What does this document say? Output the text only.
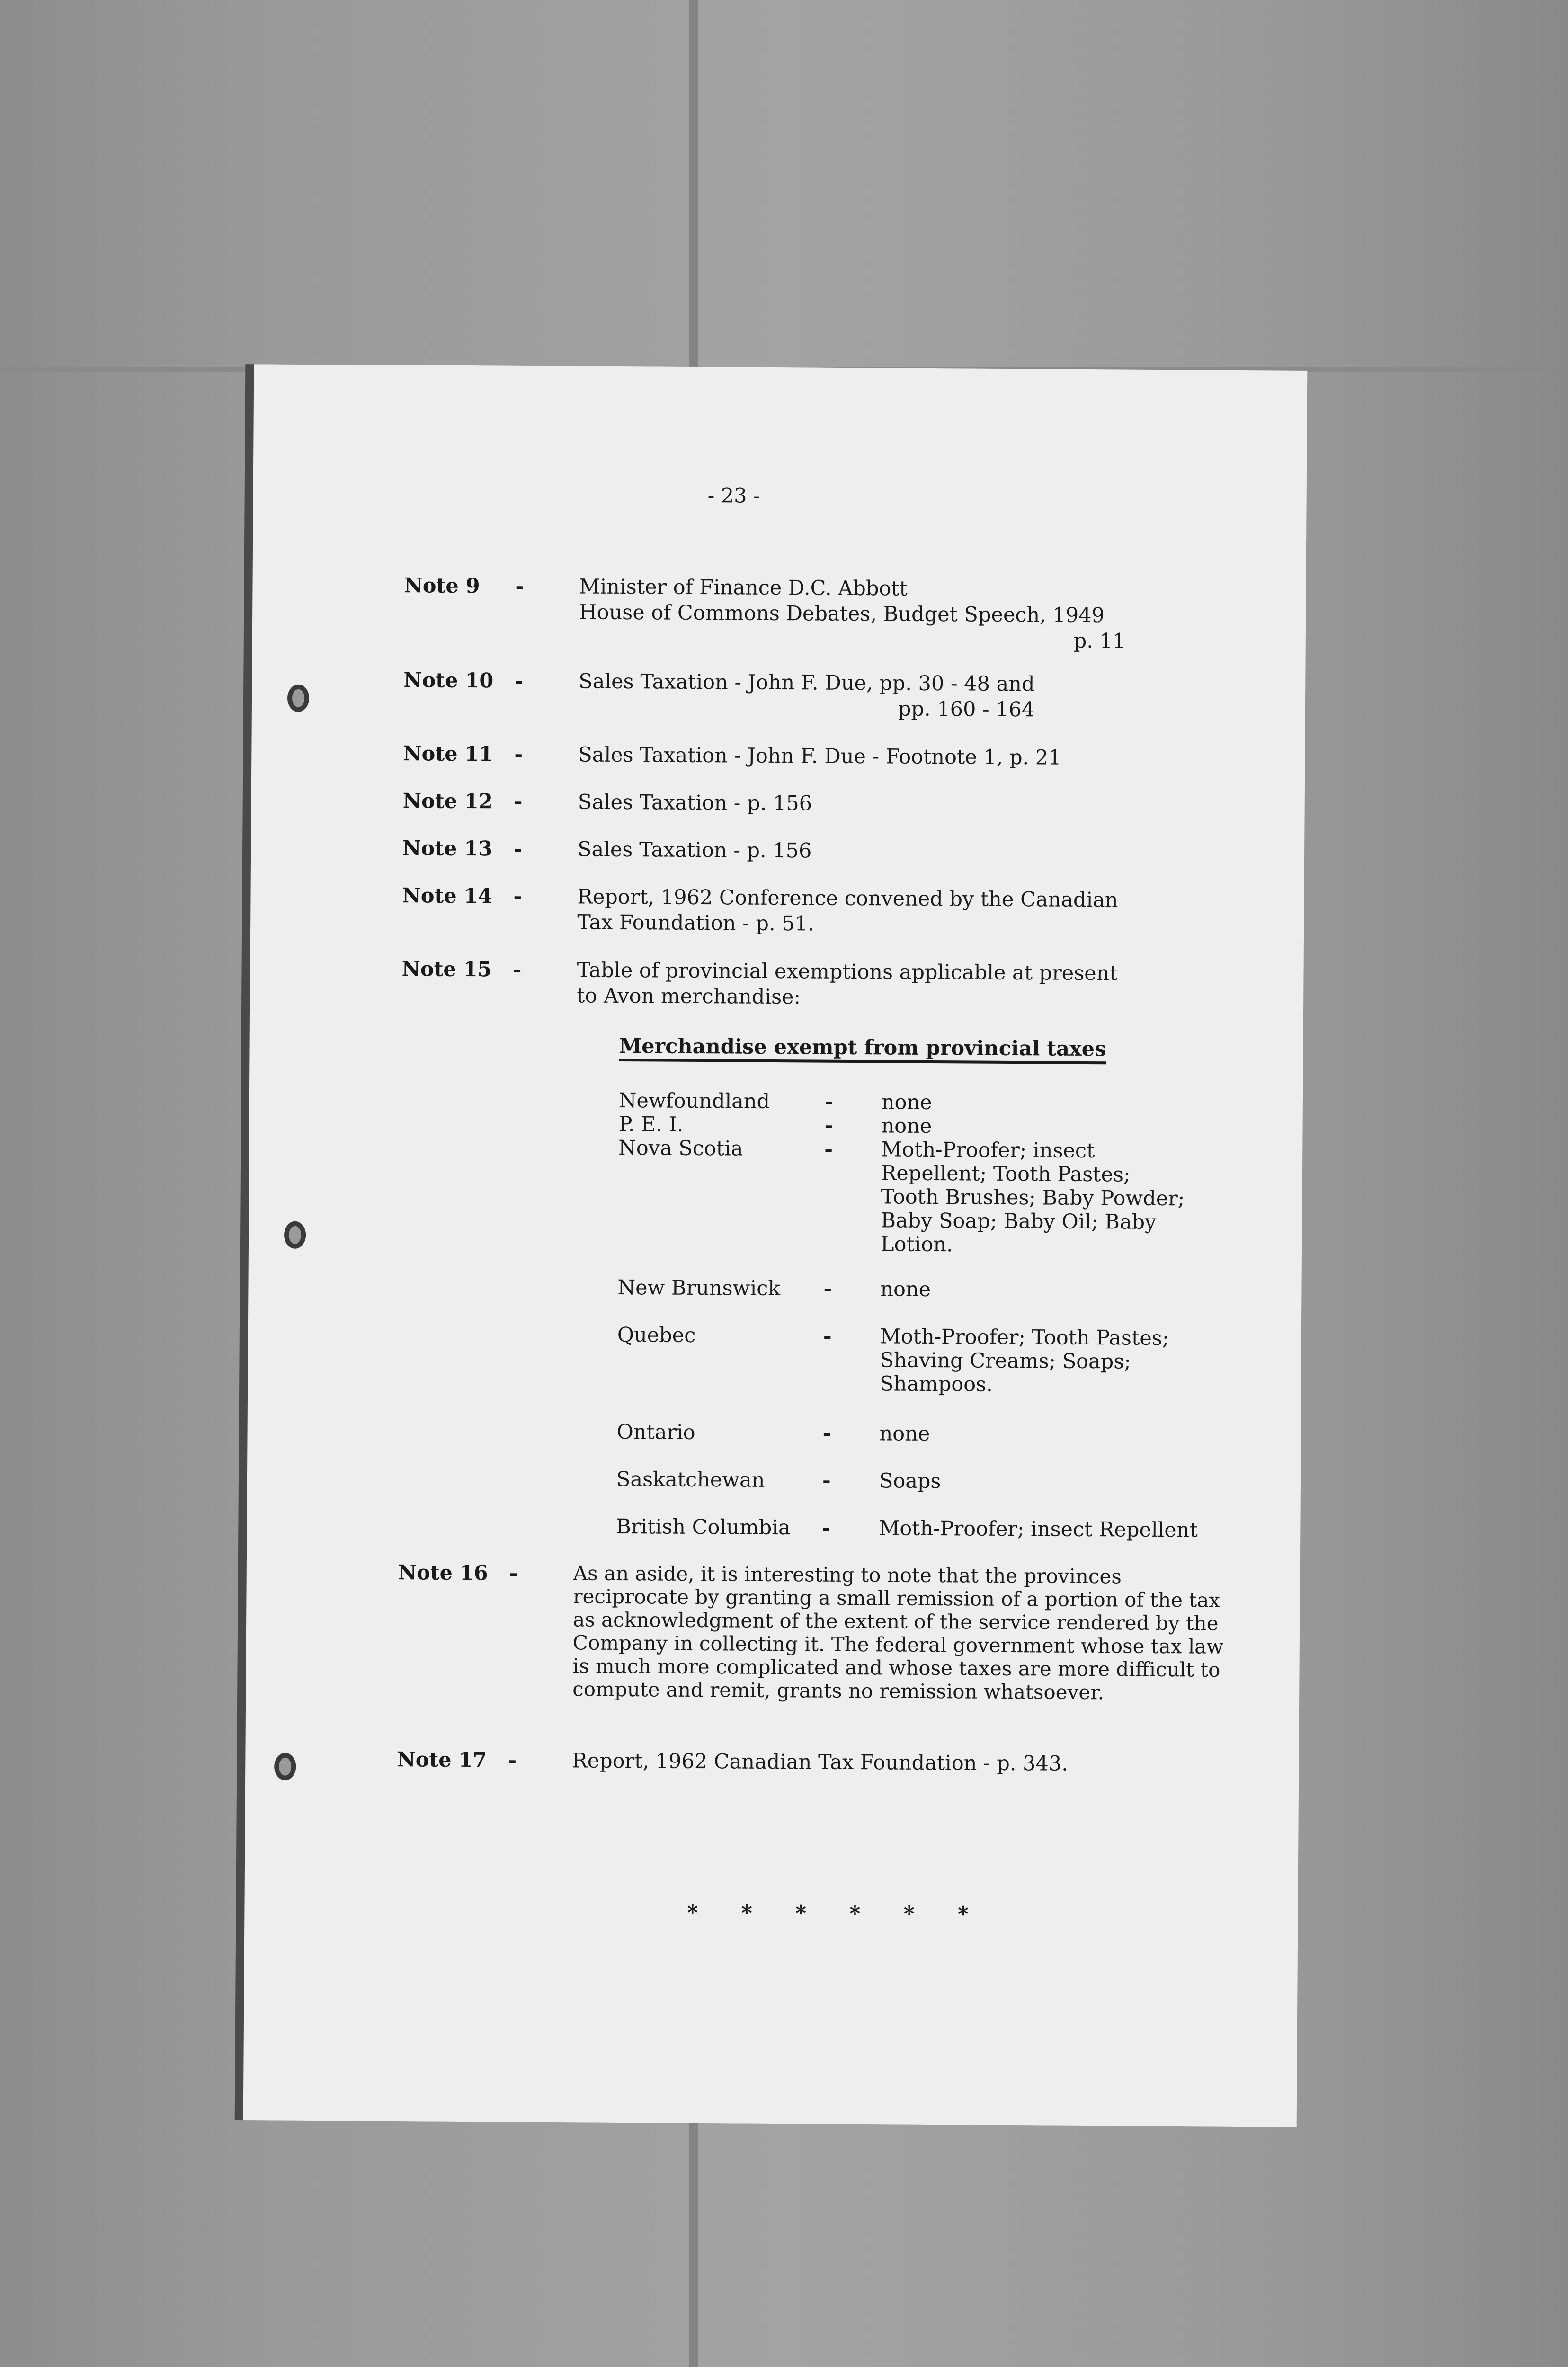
- 23 -
Note 9 -	Minister of Finance D.C. Abbott
House of Commons Debates, Budget Speech, 1949
p. 11
Note 10 -	Sales Taxation - John F. Due, pp. 30 - 48 and
pp. 160 - 164
Note 11 -	Sales Taxation - John F. Due - Footnote 1, p. 21
Note 12 -	Sales Taxation - p. 156
Note 13 -	Sales Taxation - p. 156
Note 14 -	Report, 1962 Conference convened by the Canadian
Tax Foundation - p. 51.
Note 15 -	Table of provincial exemptions applicable at present
to Avon merchandise:
Merchandise exempt from provincial taxes
Newfoundland	- none
P. E. I.	- none
Nova Scotia	- Moth-Proofer; insect
Repellent; Tooth Pastes;
Tooth Brushes; Baby Powder;
Baby Soap; Baby Oil; Baby
Lotion.
New Brunswick - none
Quebec	- Moth-Proofer; Tooth Pastes;
Shaving Creams; Soaps;
Shampoos.
Ontario	- none
Saskatchewan	- Soaps
British Columbia - Moth-Proofer; insect Repellent
Note 16 -	As an aside, it is interesting to note that the provinces reciprocate by granting a small remission of a portion of the tax as acknowledgment of the extent of the service rendered by the Company in collecting it. The federal government whose tax law is much more complicated and whose taxes are more difficult to compute and remit, grants no remission whatsoever.
Note 17 -	Report, 1962 Canadian Tax Foundation - p. 343.
* * * * * *
